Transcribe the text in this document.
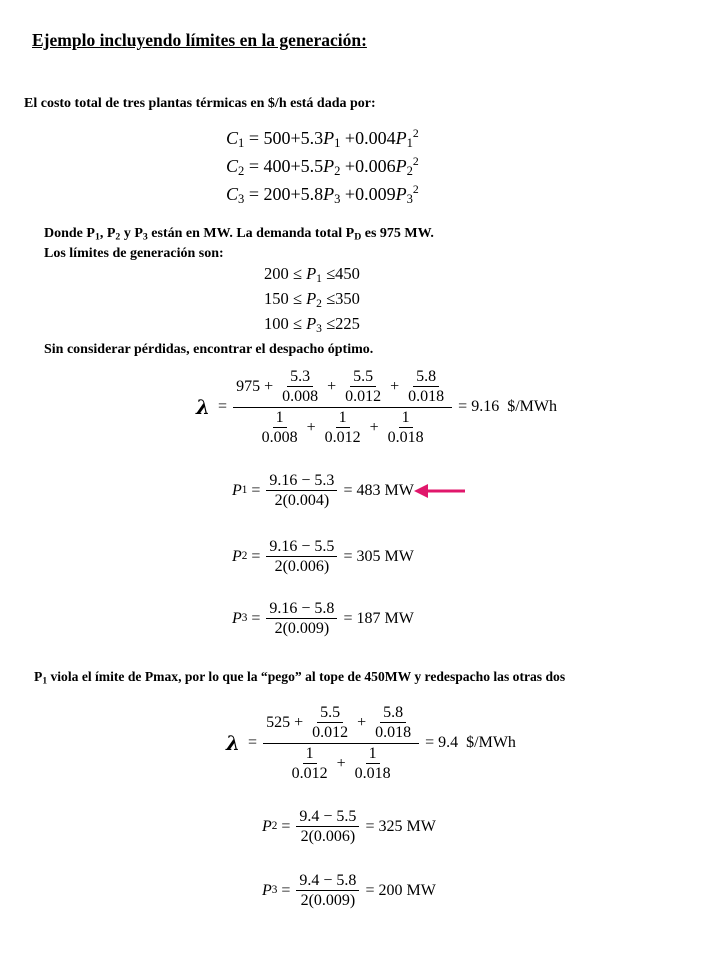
Ejemplo incluyendo límites en la generación:
El costo total de tres plantas térmicas en $/h está dada por:
$C_1 = 500+5.3P_1 +0.004P_1^2$
$C_2 = 400+5.5P_2 +0.006P_2^2$
$C_3 = 200+5.8P_3 +0.009P_3^2$
Donde $P_1$, $P_2$ y $P_3$ están en MW. La demanda total $P_D$ es 975 MW.
Los límites de generación son:
$200 \le P_1 \le 450$
$150 \le P_2 \le 350$
$100 \le P_3 \le 225$
Sin considerar pérdidas, encontrar el despacho óptimo.
λ =
$975 + \frac{5.3}{0.008} + \frac{5.5}{0.012} + \frac{5.8}{0.018}$
$\frac{1}{0.008} + \frac{1}{0.012} + \frac{1}{0.018}$
= 9.16
$/MWh
P $1 = \frac{9.16 - 5.3}{2(0.004)} = 483$ MW
P $2 = \frac{9.16 - 5.5}{2(0.006)} = 305$ MW
P $3 = \frac{9.16 - 5.8}{2(0.009)} = 187$ MW
$P_1$ viola el ímite de Pmax, por lo que la “pego” al tope de 450MW y redespacho las otras dos
$\lambda = \frac{525 + \frac{5.5}{0.012} + \frac{5.8}{0.018}}{\frac{1}{0.012} + \frac{1}{0.018}} = 9.4$
$/MWh
P $2 = \frac{9.4 - 5.5}{2(0.006)} = 325$ MW
P $3 = \frac{9.4 - 5.8}{2(0.009)} = 200$ MW
